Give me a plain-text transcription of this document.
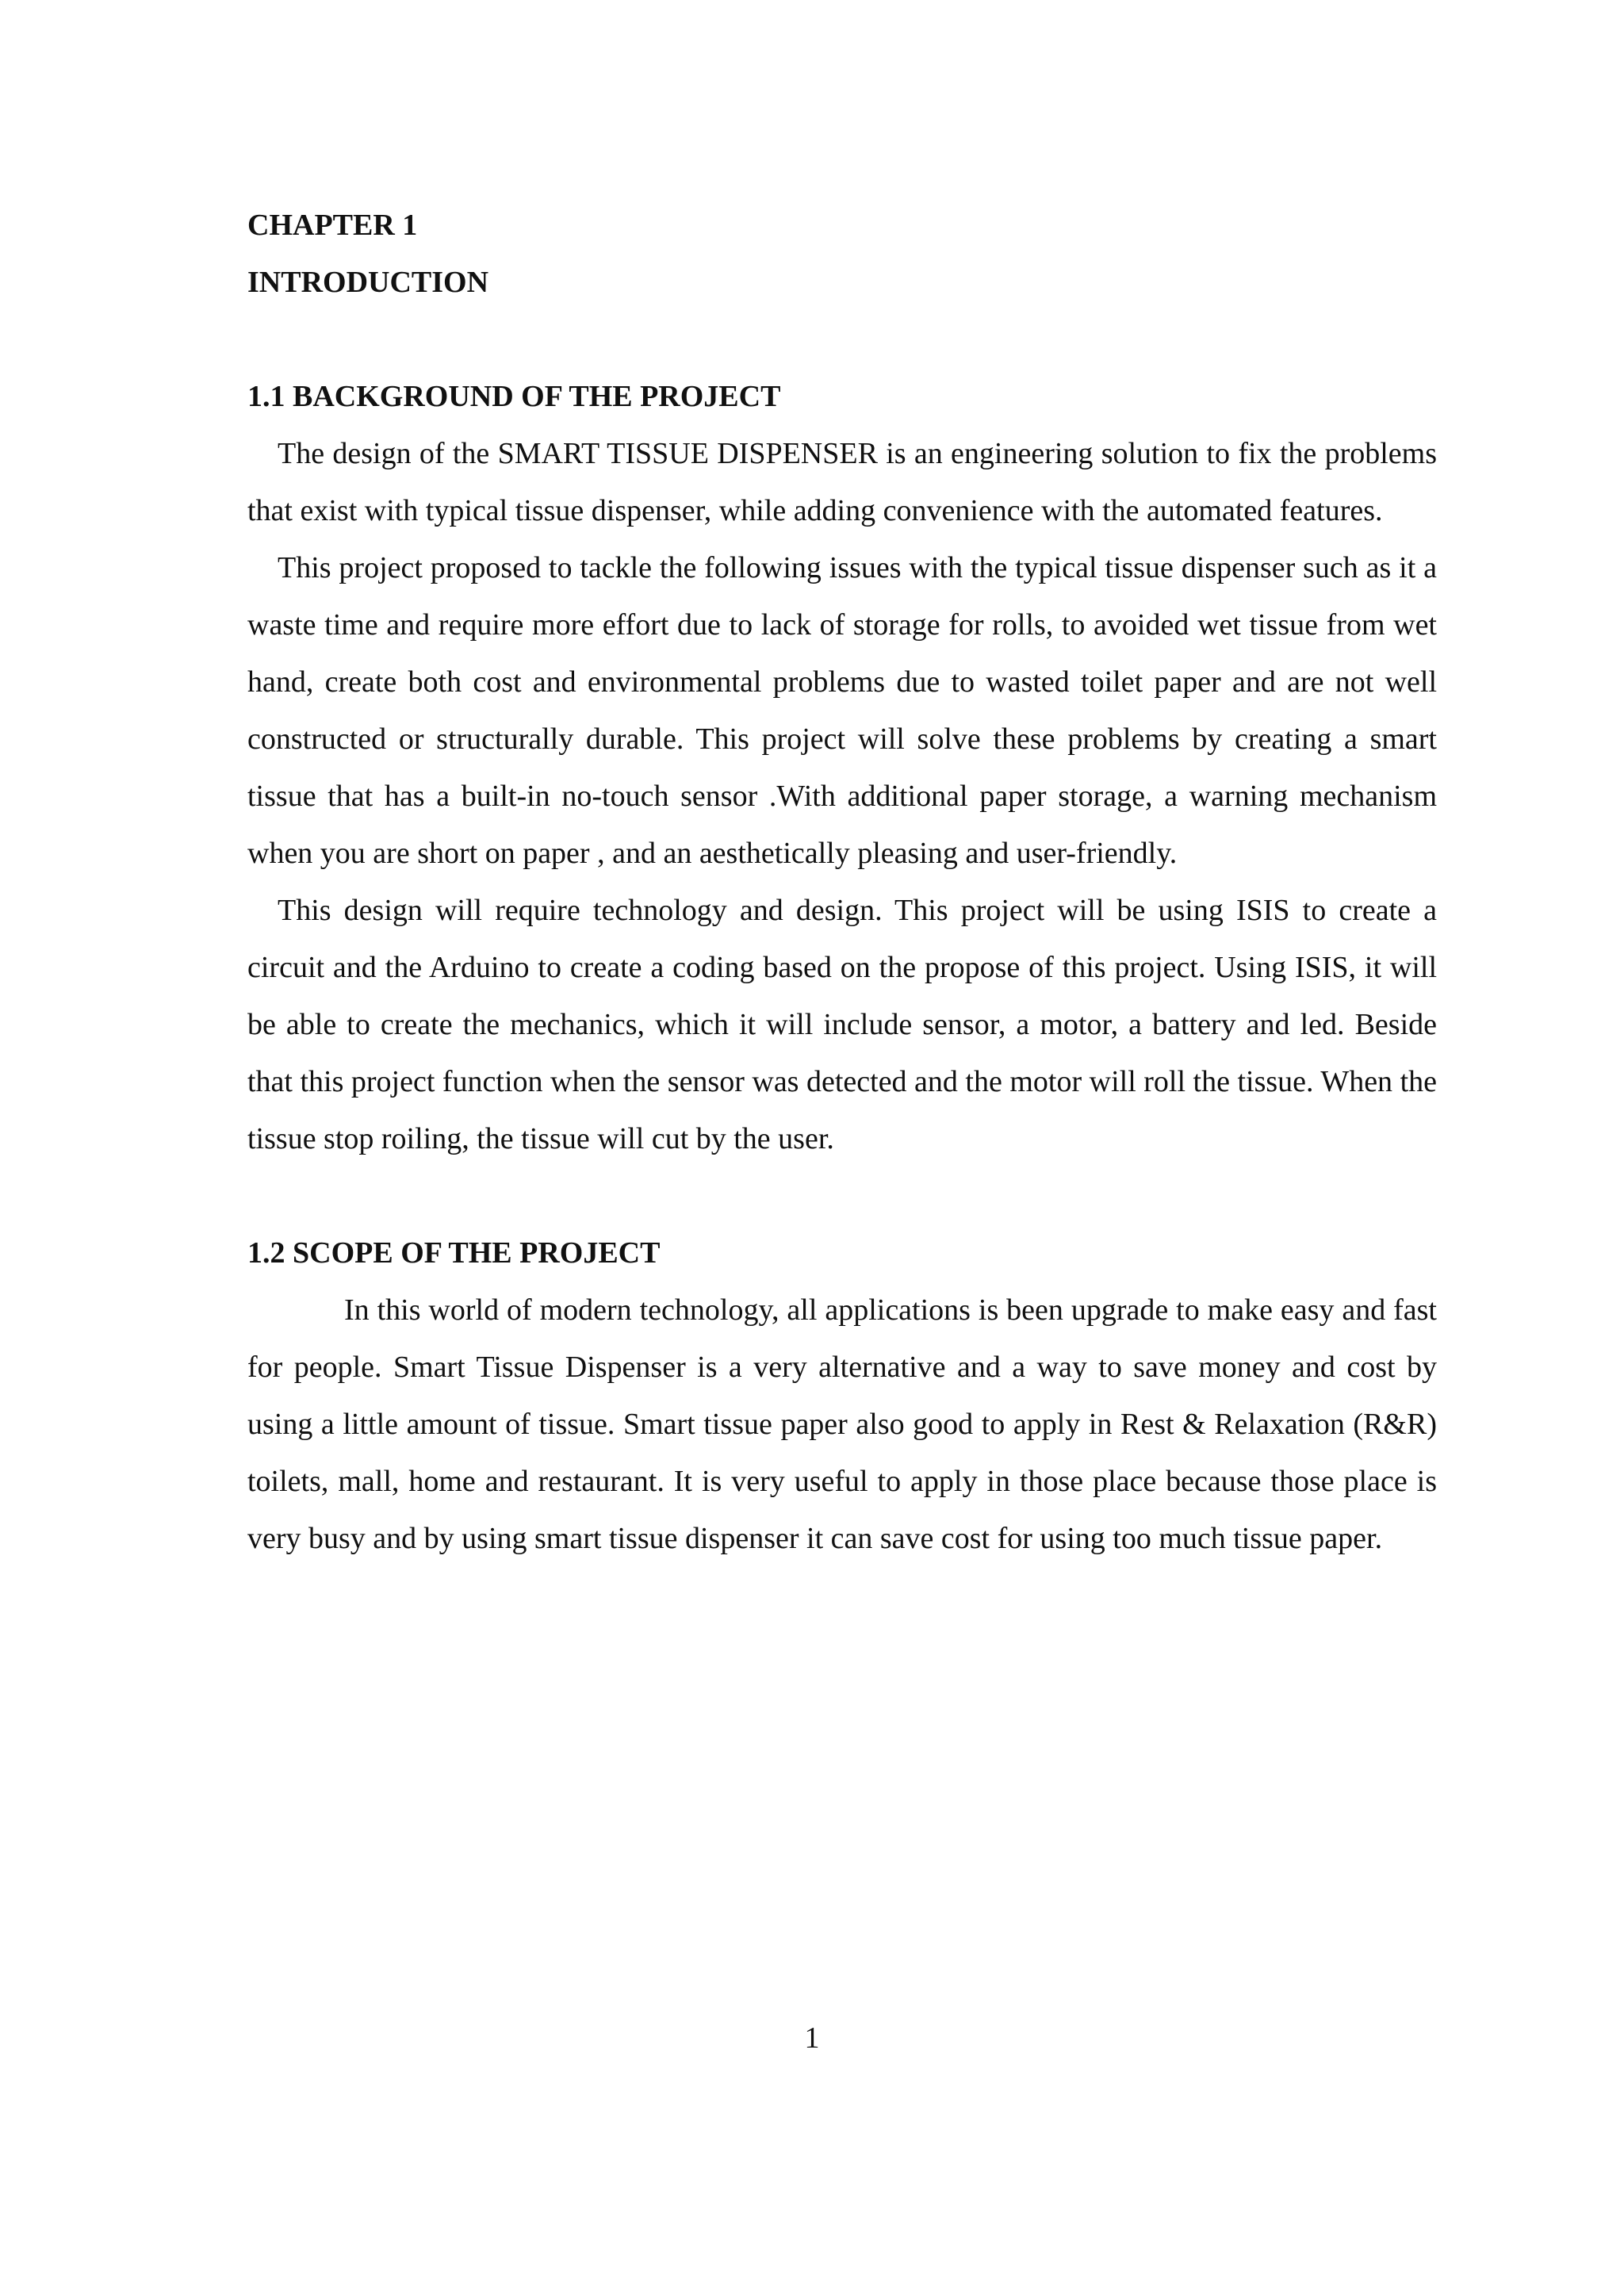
CHAPTER 1
INTRODUCTION
1.1 BACKGROUND OF THE PROJECT

The design of the SMART TISSUE DISPENSER is an engineering solution to fix the problems that exist with typical tissue dispenser, while adding convenience with the automated features.

This project proposed to tackle the following issues with the typical tissue dispenser such as it a waste time and require more effort due to lack of storage for rolls, to avoided wet tissue from wet hand, create both cost and environmental problems due to wasted toilet paper and are not well constructed or structurally durable. This project will solve these problems by creating a smart tissue that has a built-in no-touch sensor .With additional paper storage, a warning mechanism when you are short on paper , and an aesthetically pleasing and user-friendly.

This design will require technology and design. This project will be using ISIS to create a circuit and the Arduino to create a coding based on the propose of this project. Using ISIS, it will be able to create the mechanics, which it will include sensor, a motor, a battery and led. Beside that this project function when the sensor was detected and the motor will roll the tissue. When the tissue stop roiling, the tissue will cut by the user.

1.2 SCOPE OF THE PROJECT

In this world of modern technology, all applications is been upgrade to make easy and fast for people. Smart Tissue Dispenser is a very alternative and a way to save money and cost by using a little amount of tissue. Smart tissue paper also good to apply in Rest & Relaxation (R&R) toilets, mall, home and restaurant. It is very useful to apply in those place because those place is very busy and by using smart tissue dispenser it can save cost for using too much tissue paper.

1
